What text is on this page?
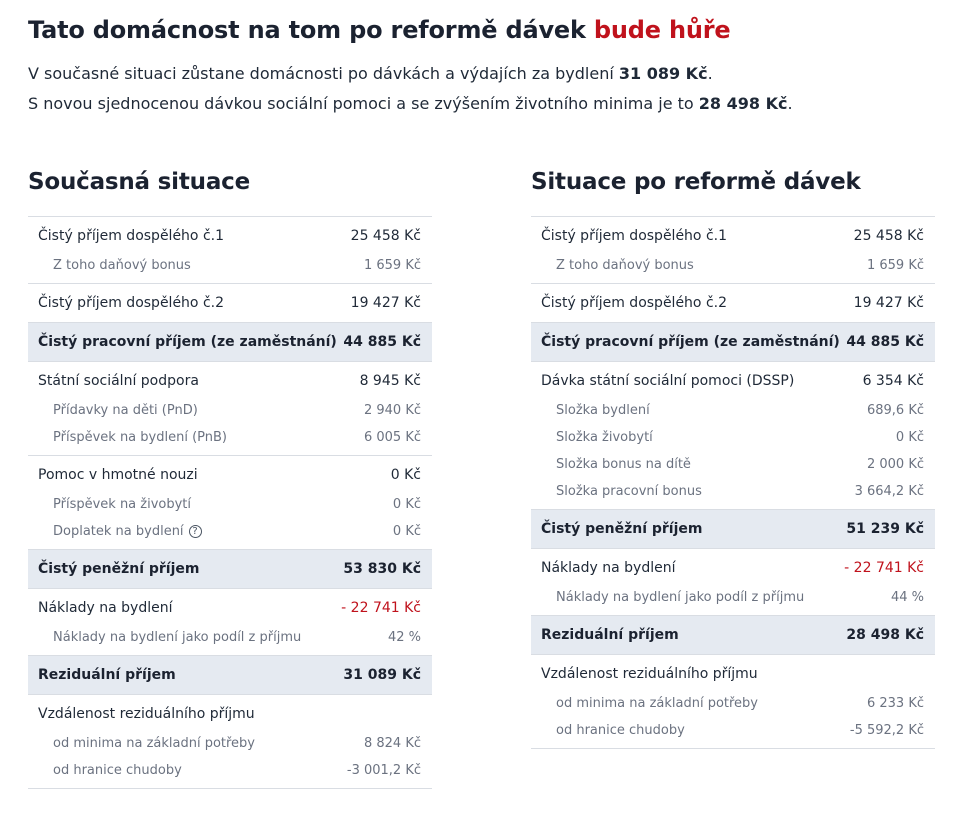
Tato domácnost na tom po reformě dávek bude hůře

V současné situaci zůstane domácnosti po dávkách a výdajích za bydlení 31 089 Kč.

S novou sjednocenou dávkou sociální pomoci a se zvýšením životního minima je to 28 498 Kč.

Současná situace
Čistý příjem dospělého č.1	25 458 Kč
Z toho daňový bonus	1 659 Kč
Čistý příjem dospělého č.2	19 427 Kč
Čistý pracovní příjem (ze zaměstnání) 44 885 Kč
Státní sociální podpora	8 945 Kč
Přídavky na děti (PnD)	2 940 Kč
Příspěvek na bydlení (PnB)	6 005 Kč
Pomoc v hmotné nouzi	0 Kč
Příspěvek na živobytí	0 Kč
Doplatek na bydlení ?	0 Kč
Čistý peněžní příjem	53 830 Kč
Náklady na bydlení	- 22 741 Kč
Náklady na bydlení jako podíl z příjmu	42 %
Reziduální příjem	31 089 Kč
Vzdálenost reziduálního příjmu
od minima na základní potřeby	8 824 Kč
od hranice chudoby	-3 001,2 Kč
Situace po reformě dávek
Čistý příjem dospělého č.1	25 458 Kč
Z toho daňový bonus	1 659 Kč
Čistý příjem dospělého č.2	19 427 Kč
Čistý pracovní příjem (ze zaměstnání) 44 885 Kč
Dávka státní sociální pomoci (DSSP)	6 354 Kč
Složka bydlení	689,6 Kč
Složka živobytí	0 Kč
Složka bonus na dítě	2 000 Kč
Složka pracovní bonus	3 664,2 Kč
Čistý peněžní příjem	51 239 Kč
Náklady na bydlení	- 22 741 Kč
Náklady na bydlení jako podíl z příjmu	44 %
Reziduální příjem	28 498 Kč
Vzdálenost reziduálního příjmu
od minima na základní potřeby	6 233 Kč
od hranice chudoby	-5 592,2 Kč
